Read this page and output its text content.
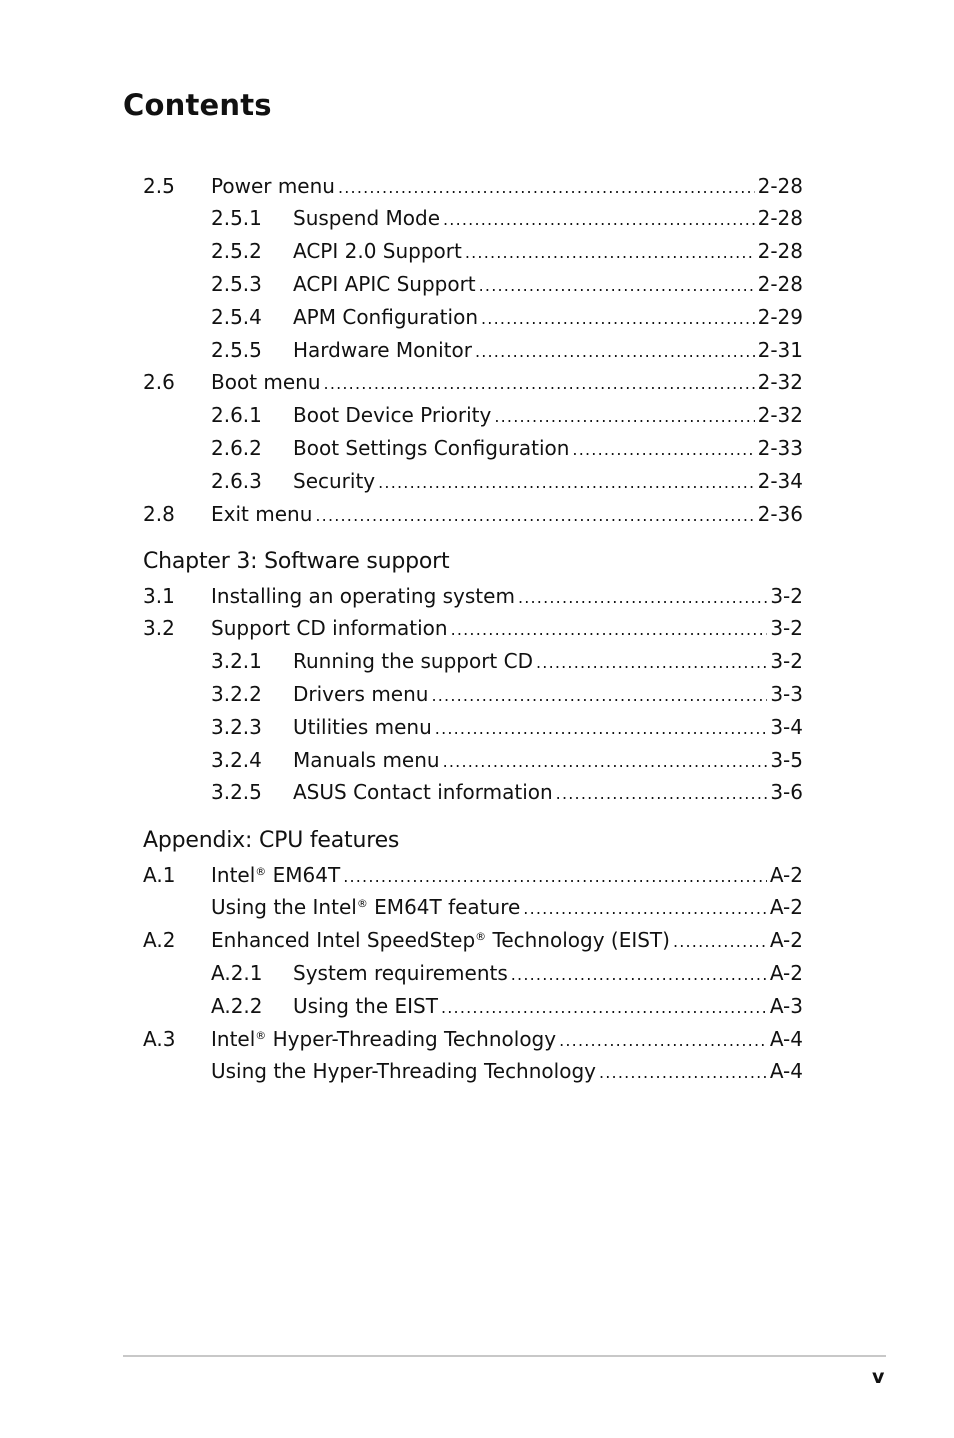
Contents
2.5	Power menu .....	2-28
2.5.1	Suspend Mode .....	2-28
2.5.2	ACPI 2.0 Support .....	2-28
2.5.3	ACPI APIC Support .....	2-28
2.5.4	APM Configuration .....	2-29
2.5.5	Hardware Monitor .....	2-31
2.6	Boot menu .....	2-32
2.6.1	Boot Device Priority .....	2-32
2.6.2	Boot Settings Configuration .....	2-33
2.6.3	Security .....	2-34
2.8	Exit menu .....	2-36
Chapter 3: Software support
3.1	Installing an operating system .....	3-2
3.2	Support CD information .....	3-2
3.2.1	Running the support CD .....	3-2
3.2.2	Drivers menu .....	3-3
3.2.3	Utilities menu .....	3-4
3.2.4	Manuals menu .....	3-5
3.2.5	ASUS Contact information .....	3-6
Appendix: CPU features
A.1	Intel® EM64T .....	A-2
Using the Intel® EM64T feature .....	A-2
A.2	Enhanced Intel SpeedStep® Technology (EIST) .....	A-2
A.2.1	System requirements .....	A-2
A.2.2	Using the EIST .....	A-3
A.3	Intel® Hyper-Threading Technology .....	A-4
Using the Hyper-Threading Technology .....	A-4
v
